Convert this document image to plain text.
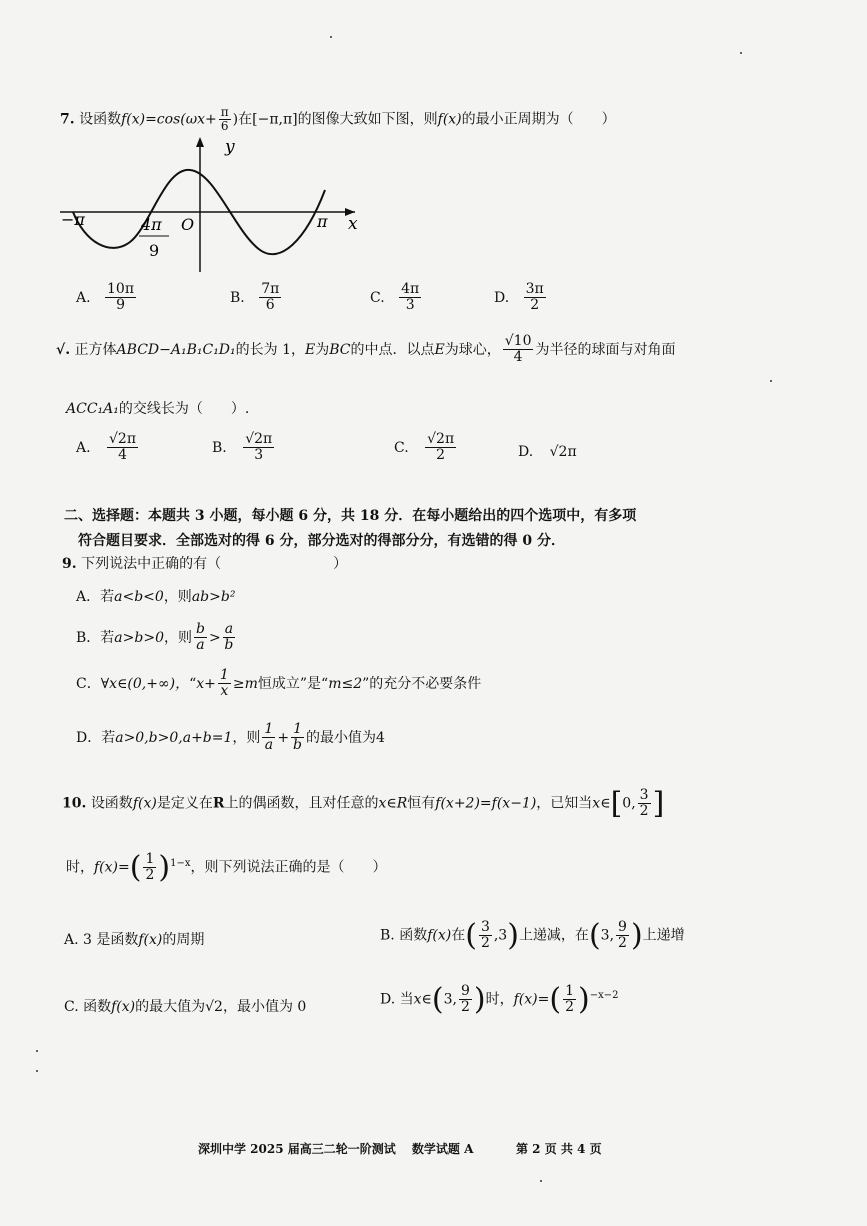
7. 设函数$f(x)=\cos(\omega x+ \frac{\pi}{6}$ )在[−π,π]的图像大致如下图，则f(x)的最小正周期为（　　）
y
x
O
−π	π
4π
9
A. $\frac{10\pi}{9}$	B. $\frac{7\pi}{6}$	C. $\frac{4\pi}{3}$	D. $\frac{3\pi}{2}$
√. 正方体ABCD−A₁B₁C₁D₁的长为 1，E为BC的中点．以点E为球心， $\frac{√10}{4}$ 为半径的球面与对角面
ACC₁A₁的交线长为（　　）.
A. $\frac{√2\pi}{4}$	B. $\frac{√2\pi}{3}$	C. $\frac{√2\pi}{2}$	D. √2π
二、选择题：本题共 3 小题，每小题 6 分，共 18 分．在每小题给出的四个选项中，有多项
符合题目要求．全部选对的得 6 分，部分选对的得部分分，有选错的得 0 分．
9. 下列说法中正确的有（　　　　　　　　）
A．若a<b<0，则ab>b²
B．若a>b>0，则 $\frac{b}{a} > \frac{a}{b}$
C．∀x∈(0,+∞)，“$x+ \frac{1}{x} \ge m$恒成立”是“m≤2”的充分不必要条件
D．若a>0,b>0,a+b=1，则 $\frac{1}{a} + \frac{1}{b}$ 的最小值为4
10. 设函数f(x)是定义在R上的偶函数，且对任意的x∈R恒有f(x+2)=f(x−1)，已知当x∈[0, $\frac{3}{2}$ ]
时，$f(x)=( \frac{1}{2} )^{1-x}$，则下列说法正确的是（　　）
A. 3 是函数f(x)的周期	B. 函数f(x)在( $\frac{3}{2} ,3$)上递减，在(3, $\frac{9}{2}$ )上递增
C. 函数f(x)的最大值为√2，最小值为 0	D. 当x∈(3, $\frac{9}{2}$ )时，$f(x)=( \frac{1}{2} )^{-x-2}$
深圳中学 2025 届高三二轮一阶测试　 数学试题 A	第 2 页 共 4 页
